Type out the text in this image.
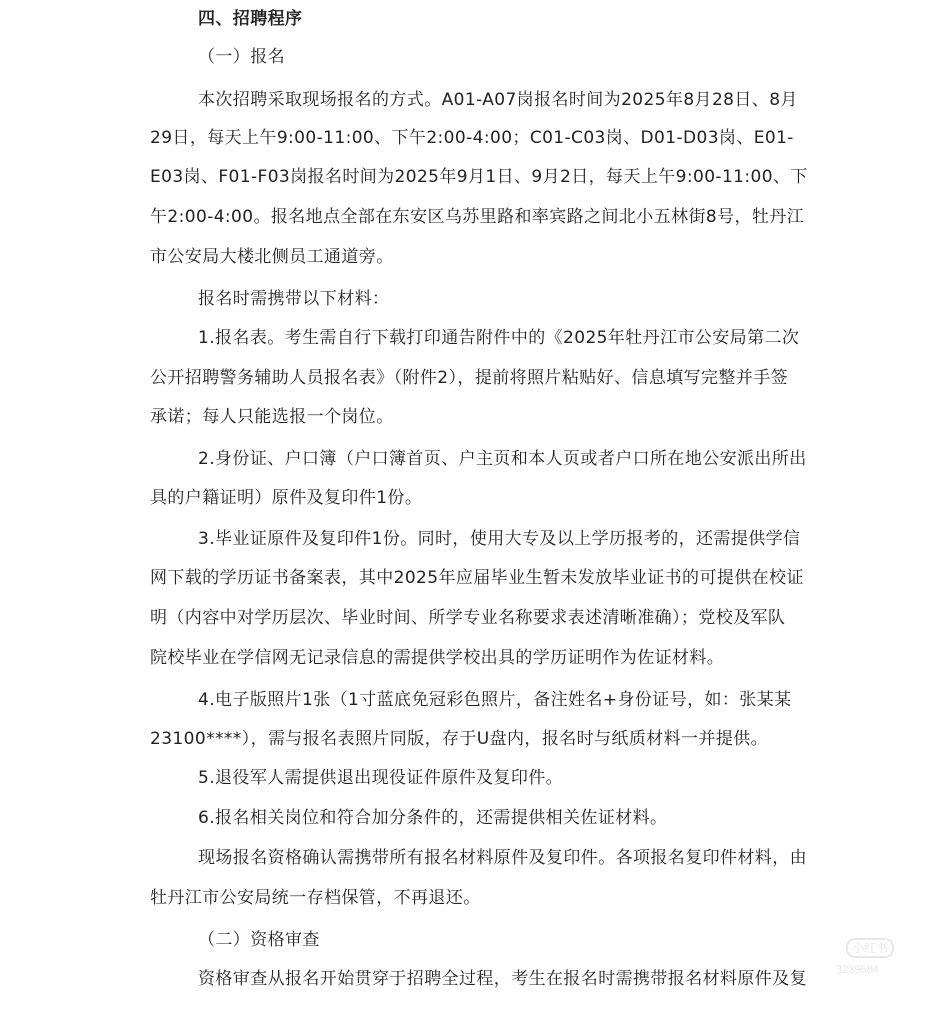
四、招聘程序
（一）报名
本次招聘采取现场报名的方式。A01-A07岗报名时间为2025年8月28日、8月
29日，每天上午9:00-11:00、下午2:00-4:00；C01-C03岗、D01-D03岗、E01-
E03岗、F01-F03岗报名时间为2025年9月1日、9月2日，每天上午9:00-11:00、下
午2:00-4:00。报名地点全部在东安区乌苏里路和率宾路之间北小五林街8号，牡丹江
市公安局大楼北侧员工通道旁。
报名时需携带以下材料：
1.报名表。考生需自行下载打印通告附件中的《2025年牡丹江市公安局第二次
公开招聘警务辅助人员报名表》（附件2），提前将照片粘贴好、信息填写完整并手签
承诺；每人只能选报一个岗位。
2.身份证、户口簿（户口簿首页、户主页和本人页或者户口所在地公安派出所出
具的户籍证明）原件及复印件1份。
3.毕业证原件及复印件1份。同时，使用大专及以上学历报考的，还需提供学信
网下载的学历证书备案表，其中2025年应届毕业生暂未发放毕业证书的可提供在校证
明（内容中对学历层次、毕业时间、所学专业名称要求表述清晰准确）；党校及军队
院校毕业在学信网无记录信息的需提供学校出具的学历证明作为佐证材料。
4.电子版照片1张（1寸蓝底免冠彩色照片，备注姓名+身份证号，如：张某某
23100****），需与报名表照片同版，存于U盘内，报名时与纸质材料一并提供。
5.退役军人需提供退出现役证件原件及复印件。
6.报名相关岗位和符合加分条件的，还需提供相关佐证材料。
现场报名资格确认需携带所有报名材料原件及复印件。各项报名复印件材料，由
牡丹江市公安局统一存档保管，不再退还。
（二）资格审查
资格审查从报名开始贯穿于招聘全过程，考生在报名时需携带报名材料原件及复
小红书
3239584
